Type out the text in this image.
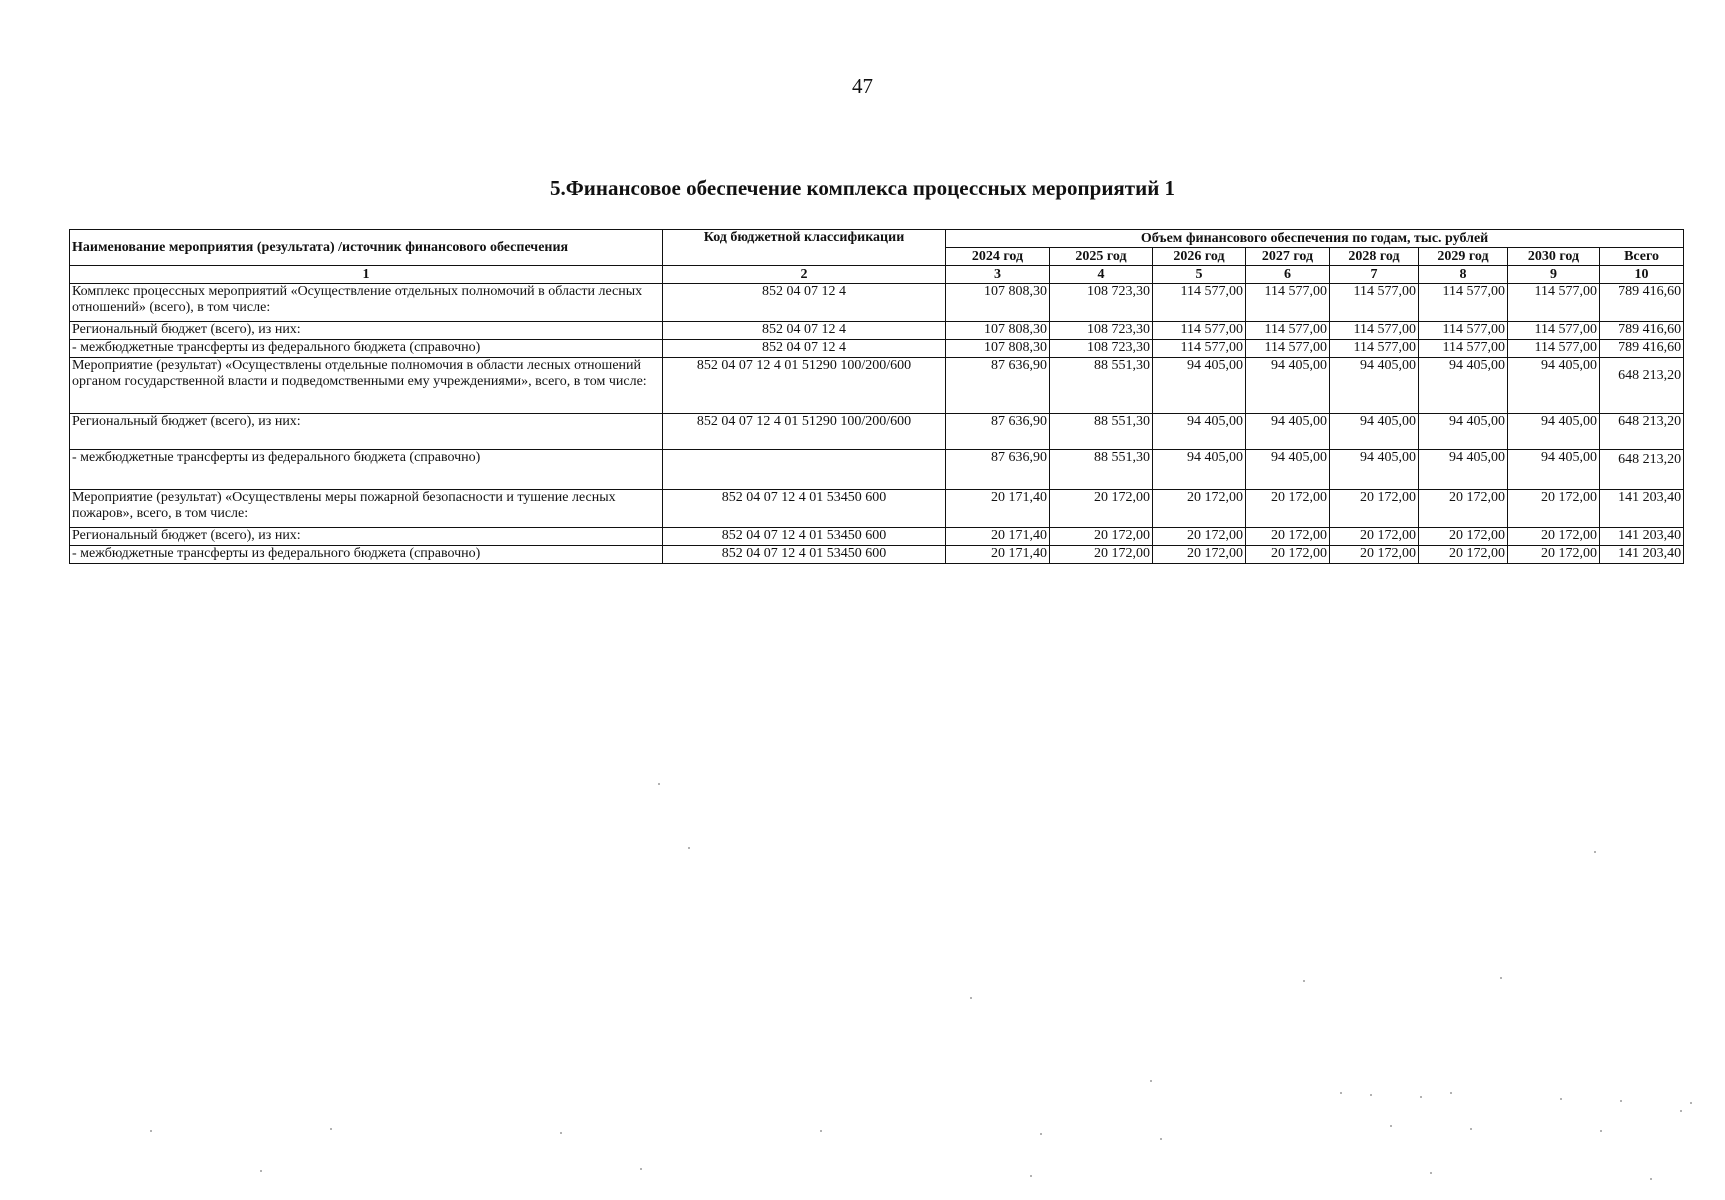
47
5.Финансовое обеспечение комплекса процессных мероприятий 1
Наименование мероприятия (результата) /источник финансового обеспечения	Код бюджетной классификации	Объем финансового обеспечения по годам, тыс. рублей							
		2024 год	2025 год	2026 год	2027 год	2028 год	2029 год	2030 год	Всего
1	2	3	4	5	6	7	8	9	10
Комплекс процессных мероприятий «Осуществление отдельных полномочий в области лесных отношений» (всего), в том числе:	852 04 07 12 4	107 808,30	108 723,30	114 577,00	114 577,00	114 577,00	114 577,00	114 577,00	789 416,60
Региональный бюджет (всего), из них:	852 04 07 12 4	107 808,30	108 723,30	114 577,00	114 577,00	114 577,00	114 577,00	114 577,00	789 416,60
- межбюджетные трансферты из федерального бюджета (справочно)	852 04 07 12 4	107 808,30	108 723,30	114 577,00	114 577,00	114 577,00	114 577,00	114 577,00	789 416,60
Мероприятие (результат) «Осуществлены отдельные полномочия в области лесных отношений органом государственной власти и подведомственными ему учреждениями», всего, в том числе:	852 04 07 12 4 01 51290 100/200/600	87 636,90	88 551,30	94 405,00	94 405,00	94 405,00	94 405,00	94 405,00	648 213,20
Региональный бюджет (всего), из них:	852 04 07 12 4 01 51290 100/200/600	87 636,90	88 551,30	94 405,00	94 405,00	94 405,00	94 405,00	94 405,00	648 213,20
- межбюджетные трансферты из федерального бюджета (справочно)		87 636,90	88 551,30	94 405,00	94 405,00	94 405,00	94 405,00	94 405,00	648 213,20
Мероприятие (результат) «Осуществлены меры пожарной безопасности и тушение лесных пожаров», всего, в том числе:	852 04 07 12 4 01 53450 600	20 171,40	20 172,00	20 172,00	20 172,00	20 172,00	20 172,00	20 172,00	141 203,40
Региональный бюджет (всего), из них:	852 04 07 12 4 01 53450 600	20 171,40	20 172,00	20 172,00	20 172,00	20 172,00	20 172,00	20 172,00	141 203,40
- межбюджетные трансферты из федерального бюджета (справочно)	852 04 07 12 4 01 53450 600	20 171,40	20 172,00	20 172,00	20 172,00	20 172,00	20 172,00	20 172,00	141 203,40
